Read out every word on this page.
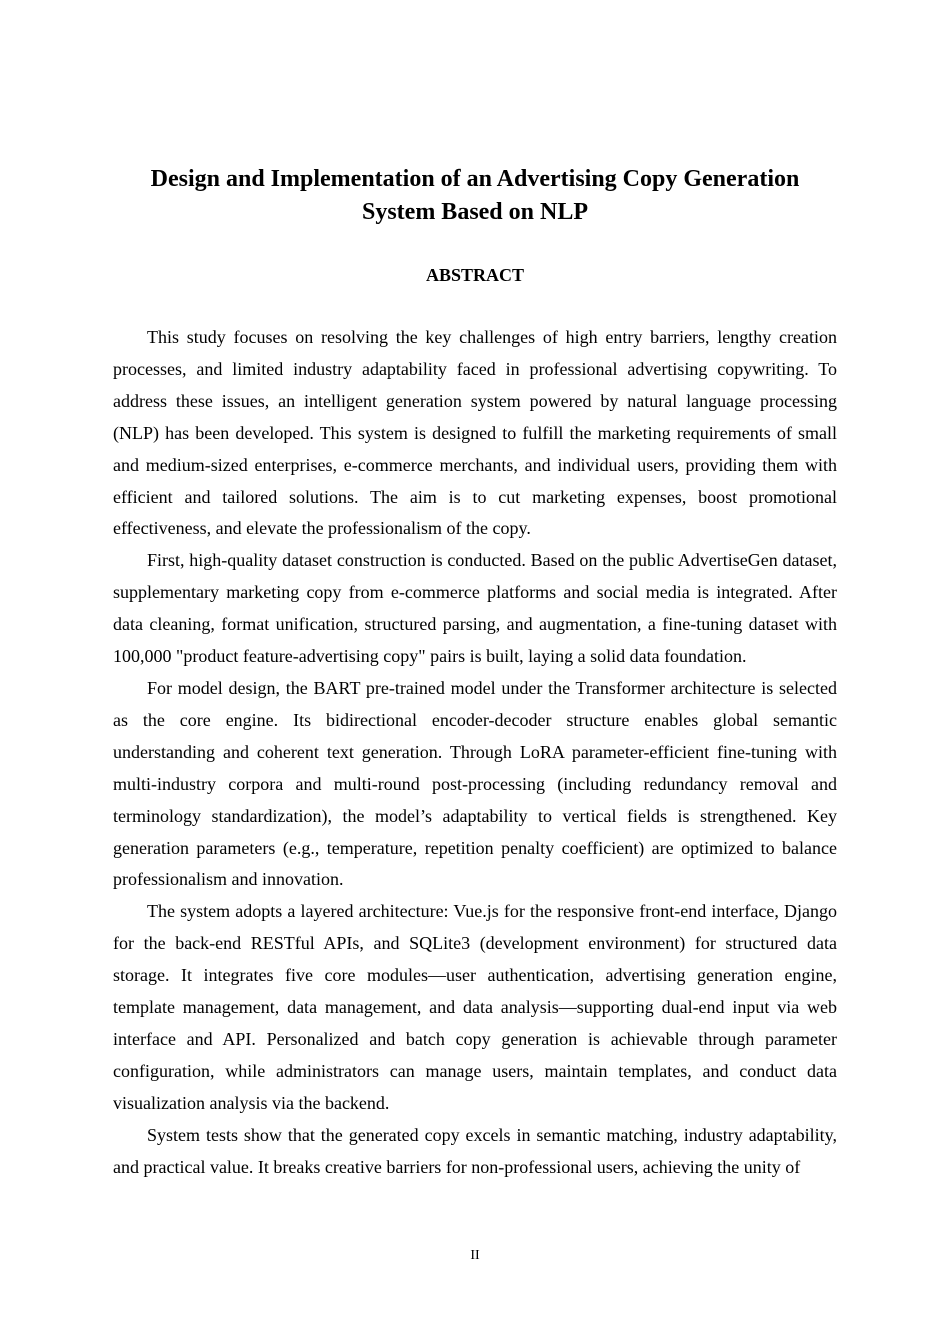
Design and Implementation of an Advertising Copy Generation
System Based on NLP
ABSTRACT

This study focuses on resolving the key challenges of high entry barriers, lengthy creation processes, and limited industry adaptability faced in professional advertising copywriting. To address these issues, an intelligent generation system powered by natural language processing (NLP) has been developed. This system is designed to fulfill the marketing requirements of small and medium-sized enterprises, e-commerce merchants, and individual users, providing them with efficient and tailored solutions. The aim is to cut marketing expenses, boost promotional effectiveness, and elevate the professionalism of the copy.

First, high-quality dataset construction is conducted. Based on the public AdvertiseGen dataset, supplementary marketing copy from e-commerce platforms and social media is integrated. After data cleaning, format unification, structured parsing, and augmentation, a fine-tuning dataset with 100,000 "product feature-advertising copy" pairs is built, laying a solid data foundation.

For model design, the BART pre-trained model under the Transformer architecture is selected as the core engine. Its bidirectional encoder-decoder structure enables global semantic understanding and coherent text generation. Through LoRA parameter-efficient fine-tuning with multi-industry corpora and multi-round post-processing (including redundancy removal and terminology standardization), the model’s adaptability to vertical fields is strengthened. Key generation parameters (e.g., temperature, repetition penalty coefficient) are optimized to balance professionalism and innovation.

The system adopts a layered architecture: Vue.js for the responsive front-end interface, Django for the back-end RESTful APIs, and SQLite3 (development environment) for structured data storage. It integrates five core modules—user authentication, advertising generation engine, template management, data management, and data analysis—supporting dual-end input via web interface and API. Personalized and batch copy generation is achievable through parameter configuration, while administrators can manage users, maintain templates, and conduct data visualization analysis via the backend.

System tests show that the generated copy excels in semantic matching, industry adaptability, and practical value. It breaks creative barriers for non-professional users, achieving the unity of

II
